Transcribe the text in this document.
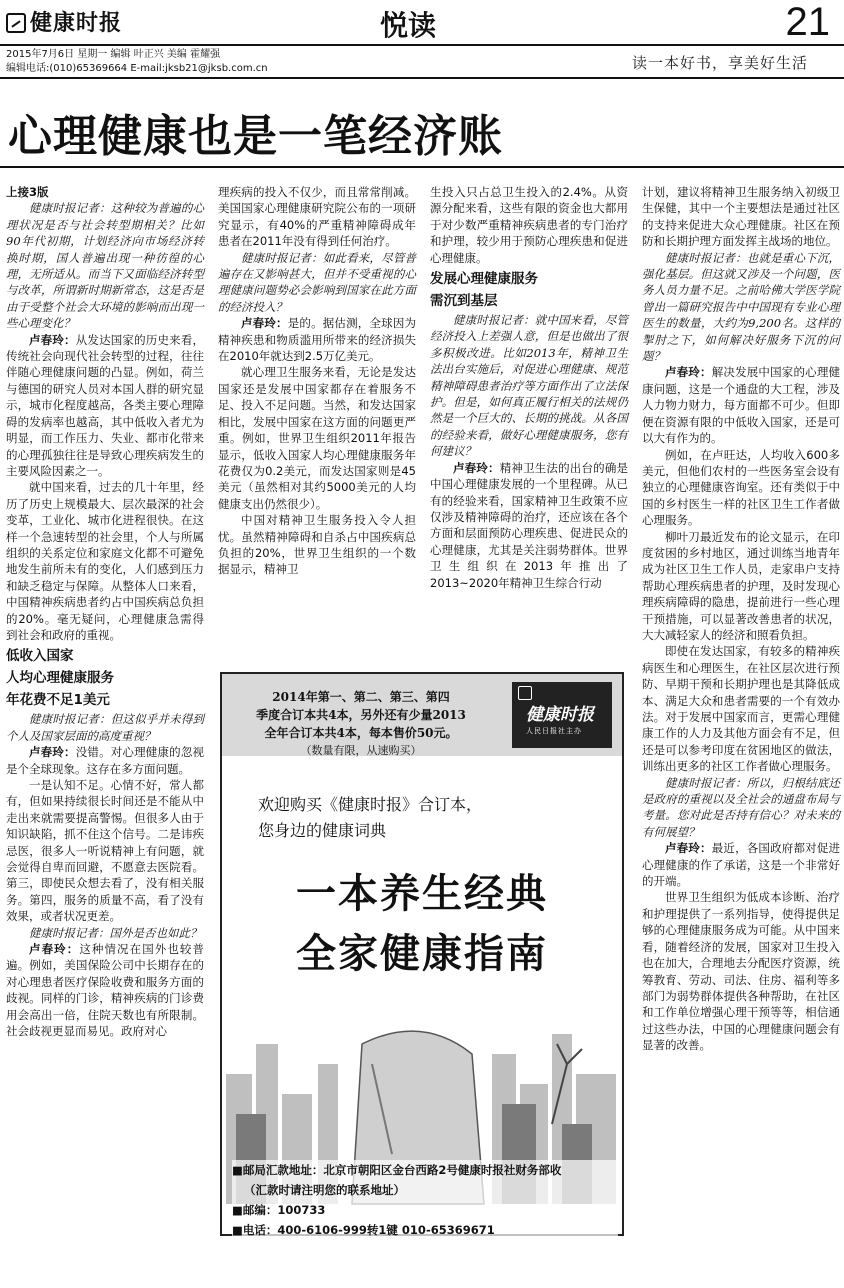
健康时报	悦读	21
2015年7月6日 星期一 编辑 叶正兴 美编 霍耀强
编辑电话:(010)65369664 E-mail:jksb21@jksb.com.cn	读一本好书，享美好生活
心理健康也是一笔经济账

上接3版

健康时报记者：这种较为普遍的心理状况是否与社会转型期相关？比如90年代初期，计划经济向市场经济转换时期，国人普遍出现一种彷徨的心理，无所适从。而当下又面临经济转型与改革，所谓新时期新常态，这是否是由于受整个社会大环境的影响而出现一些心理变化？

卢春玲：从发达国家的历史来看，传统社会向现代社会转型的过程，往往伴随心理健康问题的凸显。例如，荷兰与德国的研究人员对本国人群的研究显示，城市化程度越高，各类主要心理障碍的发病率也越高，其中低收入者尤为明显，而工作压力、失业、都市化带来的心理孤独往往是导致心理疾病发生的主要风险因素之一。

就中国来看，过去的几十年里，经历了历史上规模最大、层次最深的社会变革，工业化、城市化进程很快。在这样一个急速转型的社会里，个人与所属组织的关系定位和家庭文化都不可避免地发生前所未有的变化，人们感到压力和缺乏稳定与保障。从整体人口来看，中国精神疾病患者约占中国疾病总负担的20%。毫无疑问，心理健康急需得到社会和政府的重视。

低收入国家
人均心理健康服务
年花费不足1美元

健康时报记者：但这似乎并未得到个人及国家层面的高度重视？

卢春玲：没错。对心理健康的忽视是个全球现象。这存在多方面问题。

一是认知不足。心情不好，常人都有，但如果持续很长时间还是不能从中走出来就需要提高警惕。但很多人由于知识缺陷，抓不住这个信号。二是讳疾忌医，很多人一听说精神上有问题，就会觉得自卑而回避，不愿意去医院看。第三，即使民众想去看了，没有相关服务。第四，服务的质量不高，看了没有效果，或者状况更差。

健康时报记者：国外是否也如此？

卢春玲：这种情况在国外也较普遍。例如，美国保险公司中长期存在的对心理患者医疗保险收费和服务方面的歧视。同样的门诊，精神疾病的门诊费用会高出一倍，住院天数也有所限制。社会歧视更显而易见。政府对心

理疾病的投入不仅少，而且常常削减。美国国家心理健康研究院公布的一项研究显示，有40%的严重精神障碍成年患者在2011年没有得到任何治疗。

健康时报记者：如此看来，尽管普遍存在又影响甚大，但并不受重视的心理健康问题势必会影响到国家在此方面的经济投入？

卢春玲：是的。据估测，全球因为精神疾患和物质滥用所带来的经济损失在2010年就达到2.5万亿美元。

就心理卫生服务来看，无论是发达国家还是发展中国家都存在着服务不足、投入不足问题。当然，和发达国家相比，发展中国家在这方面的问题更严重。例如，世界卫生组织2011年报告显示，低收入国家人均心理健康服务年花费仅为0.2美元，而发达国家则是45美元（虽然相对其约5000美元的人均健康支出仍然很少）。

中国对精神卫生服务投入令人担忧。虽然精神障碍和自杀占中国疾病总负担的20%，世界卫生组织的一个数据显示，精神卫

生投入只占总卫生投入的2.4%。从资源分配来看，这些有限的资金也大都用于对少数严重精神疾病患者的专门治疗和护理，较少用于预防心理疾患和促进心理健康。

发展心理健康服务
需沉到基层

健康时报记者：就中国来看，尽管经济投入上差强人意，但是也做出了很多积极改进。比如2013年，精神卫生法出台实施后，对促进心理健康、规范精神障碍患者治疗等方面作出了立法保护。但是，如何真正履行相关的法规仍然是一个巨大的、长期的挑战。从各国的经验来看，做好心理健康服务，您有何建议？

卢春玲：精神卫生法的出台的确是中国心理健康发展的一个里程碑。从已有的经验来看，国家精神卫生政策不应仅涉及精神障碍的治疗，还应该在各个方面和层面预防心理疾患、促进民众的心理健康，尤其是关注弱势群体。世界卫生组织在2013年推出了2013~2020年精神卫生综合行动

计划，建议将精神卫生服务纳入初级卫生保健，其中一个主要想法是通过社区的支持来促进大众心理健康。社区在预防和长期护理方面发挥主战场的地位。

健康时报记者：也就是重心下沉，强化基层。但这就又涉及一个问题，医务人员力量不足。之前哈佛大学医学院曾出一篇研究报告中中国现有专业心理医生的数量，大约为9,200名。这样的掣肘之下，如何解决好服务下沉的问题？

卢春玲：解决发展中国家的心理健康问题，这是一个通盘的大工程，涉及人力物力财力，每方面都不可少。但即便在资源有限的中低收入国家，还是可以大有作为的。

例如，在卢旺达，人均收入600多美元，但他们农村的一些医务室会设有独立的心理健康咨询室。还有类似于中国的乡村医生一样的社区卫生工作者做心理服务。

柳叶刀最近发布的论文显示，在印度贫困的乡村地区，通过训练当地青年成为社区卫生工作人员，走家串户支持帮助心理疾病患者的护理，及时发现心理疾病障碍的隐患，提前进行一些心理干预措施，可以显著改善患者的状况，大大减轻家人的经济和照看负担。

即使在发达国家，有较多的精神疾病医生和心理医生，在社区层次进行预防、早期干预和长期护理也是其降低成本、满足大众和患者需要的一个有效办法。对于发展中国家而言，更需心理健康工作的人力及其他方面会有不足，但还是可以参考印度在贫困地区的做法，训练出更多的社区工作者做心理服务。

健康时报记者：所以，归根结底还是政府的重视以及全社会的通盘布局与考量。您对此是否持有信心？对未来的有何展望？

卢春玲：最近，各国政府都对促进心理健康的作了承诺，这是一个非常好的开端。

世界卫生组织为低成本诊断、治疗和护理提供了一系列指导，使得提供足够的心理健康服务成为可能。从中国来看，随着经济的发展，国家对卫生投入也在加大，合理地去分配医疗资源，统筹教育、劳动、司法、住房、福利等多部门为弱势群体提供各种帮助，在社区和工作单位增强心理干预等等，相信通过这些办法，中国的心理健康问题会有显著的改善。

2014年第一、第二、第三、第四
季度合订本共4本，另外还有少量2013
全年合订本共4本，每本售价50元。
（数量有限，从速购买）
健康时报
人民日报社主办
欢迎购买《健康时报》合订本，
您身边的健康词典
一本养生经典
全家健康指南
■邮局汇款地址：北京市朝阳区金台西路2号健康时报社财务部收
（汇款时请注明您的联系地址）
■邮编：100733
■电话：400-6106-999转1键 010-65369671
